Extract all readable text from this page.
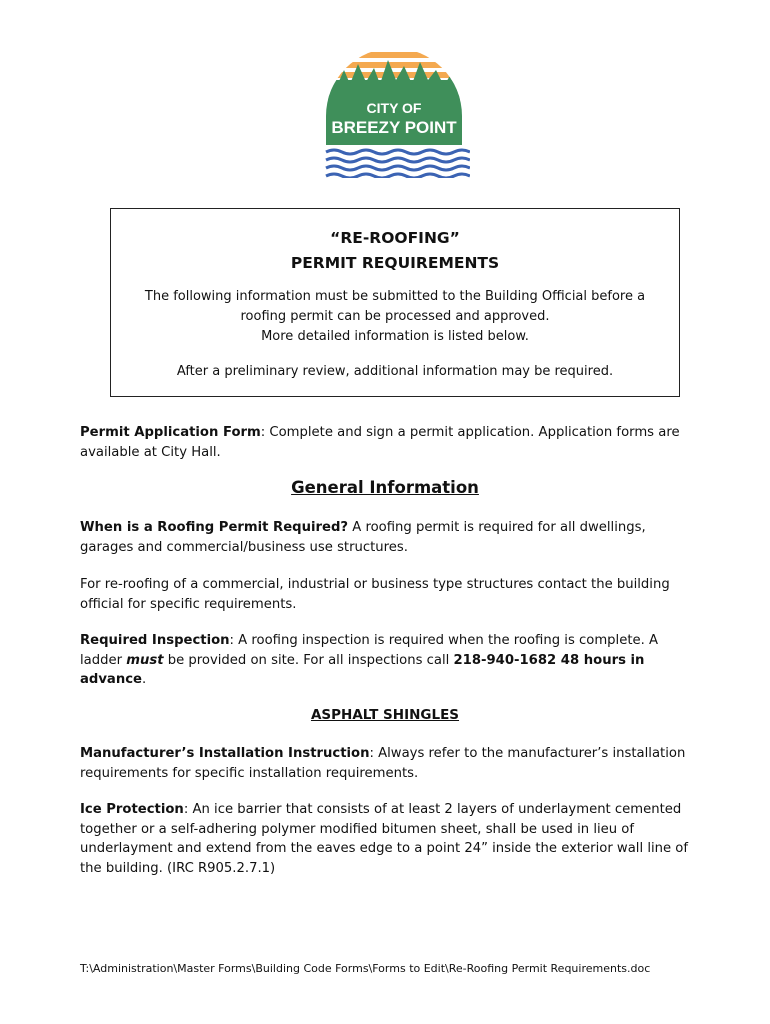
CITY OF
BREEZY POINT
“RE-ROOFING”
PERMIT REQUIREMENTS
The following information must be submitted to the Building Official before a
roofing permit can be processed and approved.
More detailed information is listed below.
After a preliminary review, additional information may be required.
Permit Application Form: Complete and sign a permit application. Application forms are available at City Hall.
General Information
When is a Roofing Permit Required? A roofing permit is required for all dwellings, garages and commercial/business use structures.
For re-roofing of a commercial, industrial or business type structures contact the building official for specific requirements.
Required Inspection: A roofing inspection is required when the roofing is complete. A ladder must be provided on site. For all inspections call 218-940-1682 48 hours in advance.
ASPHALT SHINGLES
Manufacturer’s Installation Instruction: Always refer to the manufacturer’s installation requirements for specific installation requirements.
Ice Protection: An ice barrier that consists of at least 2 layers of underlayment cemented together or a self-adhering polymer modified bitumen sheet, shall be used in lieu of underlayment and extend from the eaves edge to a point 24” inside the exterior wall line of the building. (IRC R905.2.7.1)
T:\Administration\Master Forms\Building Code Forms\Forms to Edit\Re-Roofing Permit Requirements.doc
